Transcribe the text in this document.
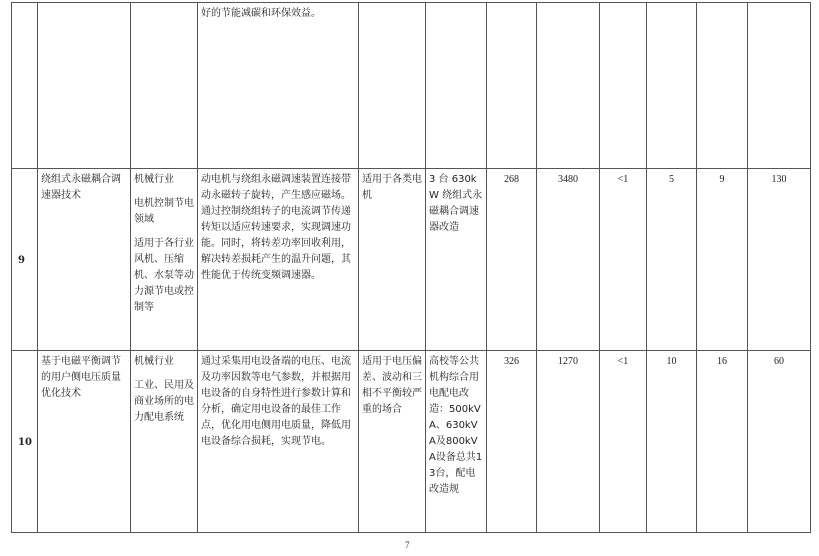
			好的节能减碳和环保效益。								
9	绕组式永磁耦合调速器技术	机械行业
电机控制节电领域
适用于各行业风机、压缩机、水泵等动力源节电或控制等	动电机与绕组永磁调速装置连接带动永磁转子旋转，产生感应磁场。通过控制绕组转子的电流调节传递转矩以适应转速要求，实现调速功能。同时，将转差功率回收利用，解决转差损耗产生的温升问题，其性能优于传统变频调速器。	适用于各类电机	3 台 630kW 绕组式永磁耦合调速器改造	268	3480	<1	5	9	130
10	基于电磁平衡调节的用户侧电压质量优化技术	机械行业
工业、民用及商业场所的电力配电系统	通过采集用电设备端的电压、电流及功率因数等电气参数，并根据用电设备的自身特性进行参数计算和分析，确定用电设备的最佳工作点，优化用电侧用电质量，降低用电设备综合损耗，实现节电。	适用于电压偏差、波动和三相不平衡较严重的场合	高校等公共机构综合用电配电改造：500kVA、630kVA及800kVA设备总共13台，配电改造规	326	1270	<1	10	16	60
7
